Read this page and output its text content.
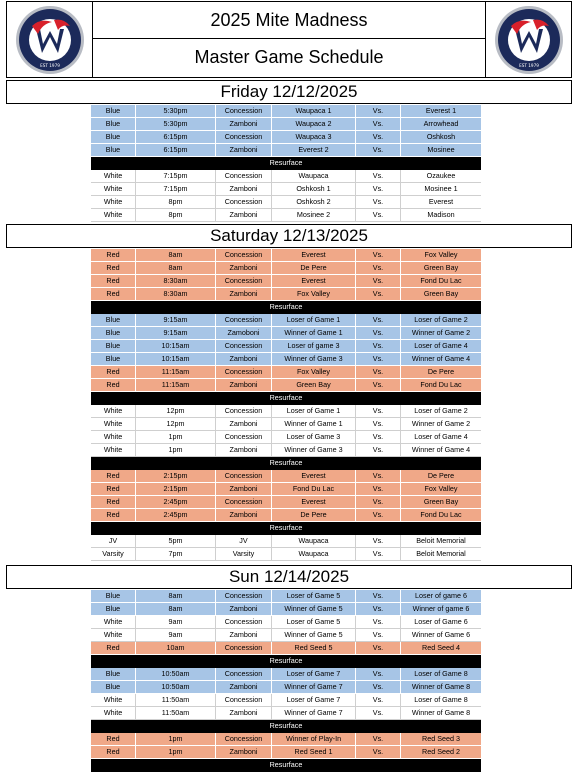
EST 1979
2025 Mite Madness
Master Game Schedule	EST 1979
Friday 12/12/2025
Blue	5:30pm	Concession	Waupaca 1	Vs.	Everest 1
Blue	5:30pm	Zamboni	Waupaca 2	Vs.	Arrowhead
Blue	6:15pm	Concession	Waupaca 3	Vs.	Oshkosh
Blue	6:15pm	Zamboni	Everest 2	Vs.	Mosinee
Resurface
White	7:15pm	Concession	Waupaca	Vs.	Ozaukee
White	7:15pm	Zamboni	Oshkosh 1	Vs.	Mosinee 1
White	8pm	Concession	Oshkosh 2	Vs.	Everest
White	8pm	Zamboni	Mosinee 2	Vs.	Madison
Saturday 12/13/2025
Red	8am	Concession	Everest	Vs.	Fox Valley
Red	8am	Zamboni	De Pere	Vs.	Green Bay
Red	8:30am	Concession	Everest	Vs.	Fond Du Lac
Red	8:30am	Zamboni	Fox Valley	Vs.	Green Bay
Resurface
Blue	9:15am	Concession	Loser of Game 1	Vs.	Loser of Game 2
Blue	9:15am	Zamoboni	Winner of Game 1	Vs.	Winner of Game 2
Blue	10:15am	Concession	Loser of game 3	Vs.	Loser of Game 4
Blue	10:15am	Zamboni	Winner of Game 3	Vs.	Winner of Game 4
Red	11:15am	Concession	Fox Valley	Vs.	De Pere
Red	11:15am	Zamboni	Green Bay	Vs.	Fond Du Lac
Resurface
White	12pm	Concession	Loser of Game 1	Vs.	Loser of Game 2
White	12pm	Zamboni	Winner of Game 1	Vs.	Winner of Game 2
White	1pm	Concession	Loser of Game 3	Vs.	Loser of Game 4
White	1pm	Zamboni	Winner of Game 3	Vs.	Winner of Game 4
Resurface
Red	2:15pm	Concession	Everest	Vs.	De Pere
Red	2:15pm	Zamboni	Fond Du Lac	Vs.	Fox Valley
Red	2:45pm	Concession	Everest	Vs.	Green Bay
Red	2:45pm	Zamboni	De Pere	Vs.	Fond Du Lac
Resurface
JV	5pm	JV	Waupaca	Vs.	Beloit Memorial
Varsity	7pm	Varsity	Waupaca	Vs.	Beloit Memorial
Sun 12/14/2025
Blue	8am	Concession	Loser of Game 5	Vs.	Loser of game 6
Blue	8am	Zamboni	Winner of Game 5	Vs.	Winner of game 6
White	9am	Concession	Loser of Game 5	Vs.	Loser of Game 6
White	9am	Zamboni	Winner of Game 5	Vs.	Winner of Game 6
Red	10am	Concession	Red Seed 5	Vs.	Red Seed 4
Resurface
Blue	10:50am	Concession	Loser of Game 7	Vs.	Loser of Game 8
Blue	10:50am	Zamboni	Winner of Game 7	Vs.	Winner of Game 8
White	11:50am	Concession	Loser of Game 7	Vs.	Loser of Game 8
White	11:50am	Zamboni	Winner of Game 7	Vs.	Winner of Game 8
Resurface
Red	1pm	Concession	Winner of Play-In	Vs.	Red Seed 3
Red	1pm	Zamboni	Red Seed 1	Vs.	Red Seed 2
Resurface
